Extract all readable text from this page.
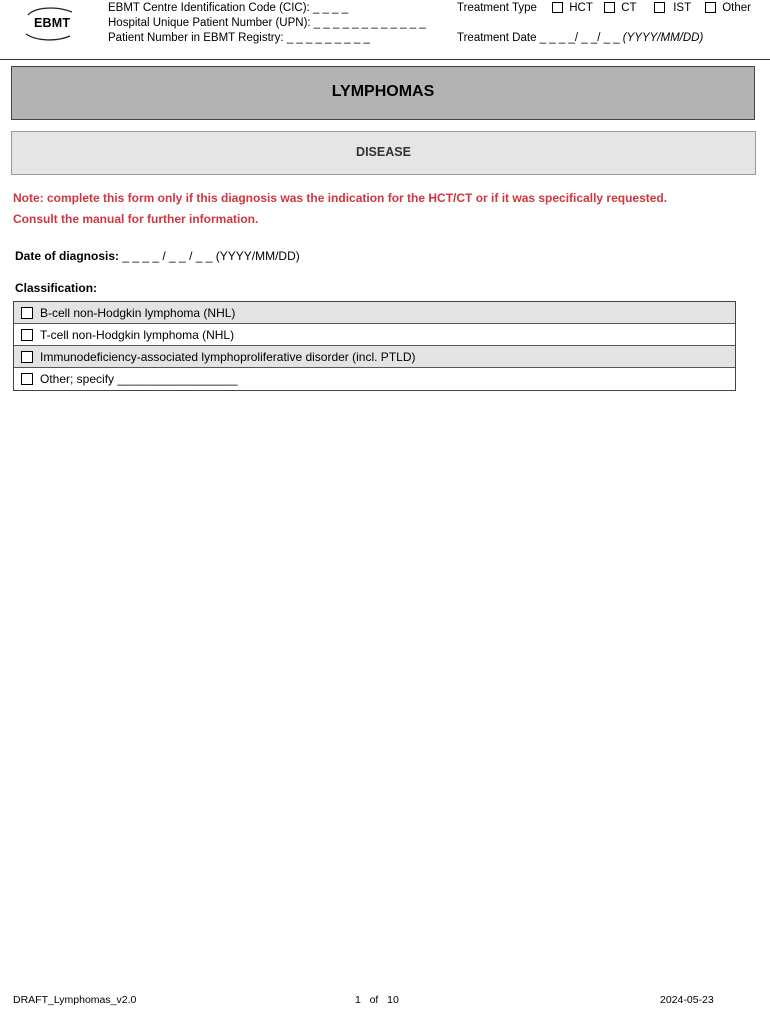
EBMT
EBMT Centre Identification Code (CIC): _ _ _ _
Hospital Unique Patient Number (UPN): _ _ _ _ _ _ _ _ _ _ _ _
Patient Number in EBMT Registry: _ _ _ _ _ _ _ _ _
Treatment Type	HCT	CT	IST	Other
Treatment Date _ _ _ _/ _ _/ _ _ (YYYY/MM/DD)
LYMPHOMAS
DISEASE
Note: complete this form only if this diagnosis was the indication for the HCT/CT or if it was specifically requested.
Consult the manual for further information.
Date of diagnosis: _ _ _ _ / _ _ / _ _ (YYYY/MM/DD)
Classification:
B-cell non-Hodgkin lymphoma (NHL)
T-cell non-Hodgkin lymphoma (NHL)
Immunodeficiency-associated lymphoproliferative disorder (incl. PTLD)
Other; specify __________________
DRAFT_Lymphomas_v2.0	1   of   10	2024-05-23
